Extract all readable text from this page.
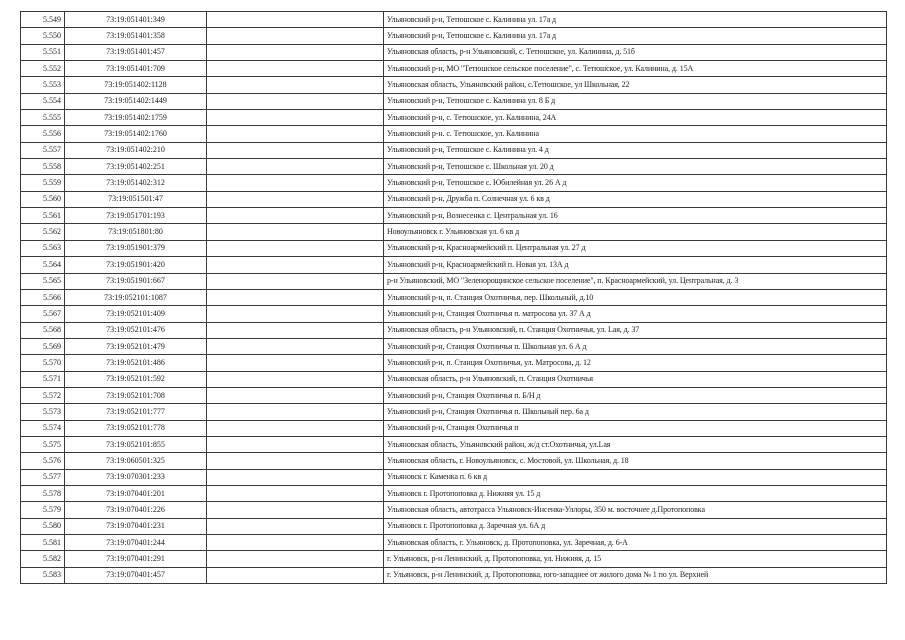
5.549	73:19:051401:349		Ульяновский р-н, Тетюшское с. Калинина ул. 17а д
5.550	73:19:051401:358		Ульяновский р-н, Тетюшское с. Калинина ул. 17а д
5.551	73:19:051401:457		Ульяновская область, р-н Ульяновский, с. Тетюшское, ул. Калинина, д. 51б
5.552	73:19:051401:709		Ульяновский р-н, МО "Тетюшское сельское поселение", с. Тетюшское, ул. Калинина, д. 15А
5.553	73:19:051402:1128		Ульяновская область, Ульяновский район, с.Тетюшское, ул Школьная, 22
5.554	73:19:051402:1449		Ульяновский р-н, Тетюшское с. Калинина ул. 8 Б д
5.555	73:19:051402:1759		Ульяновский р-н, с. Тетюшское, ул. Калинина, 24А
5.556	73:19:051402:1760		Ульяновский р-н. с. Тетюшское, ул. Калинина
5.557	73:19:051402:210		Ульяновский р-н, Тетюшское с. Калинина ул. 4 д
5.558	73:19:051402:251		Ульяновский р-н, Тетюшское с. Школьная ул. 20 д
5.559	73:19:051402:312		Ульяновский р-н, Тетюшское с. Юбилейная ул. 26 А д
5.560	73:19:051501:47		Ульяновский р-н, Дружба п. Солнечная ул. 6 кв д
5.561	73:19:051701:193		Ульяновский р-н, Вознесенка с. Центральная ул. 16
5.562	73:19:051801:80		Новоульяновск г. Ульяновская ул. 6 кв д
5.563	73:19:051901:379		Ульяновский р-н, Красноармейский п. Центральная ул. 27 д
5.564	73:19:051901:420		Ульяновский р-н, Красноармейский п. Новая ул. 13А д
5.565	73:19:051901:667		р-н Ульяновский, МО "Зеленорощинское сельское поселение", п. Красноармейский, ул. Центральная, д. 3
5.566	73:19:052101:1087		Ульяновский р-н, п. Станция Охотничья, пер. Школьный, д.10
5.567	73:19:052101:409		Ульяновский р-н, Станция Охотничья п. матросова ул. 37 А д
5.568	73:19:052101:476		Ульяновская область, р-н Ульяновский, п. Станция Охотничья, ул. Lая, д. 37
5.569	73:19:052101:479		Ульяновский р-н, Станция Охотничья п. Школьная ул. 6 А д
5.570	73:19:052101:486		Ульяновский р-н, п. Станция Охотничья, ул. Матросова, д. 12
5.571	73:19:052101:592		Ульяновская область, р-н Ульяновский, п. Станция Охотничья
5.572	73:19:052101:708		Ульяновский р-н, Станция Охотничья п. Б/Н д
5.573	73:19:052101:777		Ульяновский р-н, Станция Охотничья п. Школьный пер. 6а д
5.574	73:19:052101:778		Ульяновский р-н, Станция Охотничья п
5.575	73:19:052101:855		Ульяновская область, Ульяновский район, ж/д ст.Охотничья, ул.Lая
5.576	73:19:060501:325		Ульяновская область, г. Новоульяновск, с. Мостовой, ул. Школьная, д. 18
5.577	73:19:070301:233		Ульяновск г. Каменка п. 6 кв д
5.578	73:19:070401:201		Ульяновск г. Протопоповка д. Нижняя ул. 15 д
5.579	73:19:070401:226		Ульяновская область, автотрасса Ульяновск-Инсенка-Уллоры, 350 м. восточнее д.Протопоповка
5.580	73:19:070401:231		Ульяновск г. Протопоповка д. Заречная ул. 6А д
5.581	73:19:070401:244		Ульяновская область, г. Ульяновск, д. Протопоповка, ул. Заречная, д. 6-А
5.582	73:19:070401:291		г. Ульяновск, р-н Ленинский, д. Протопоповка, ул. Нижняя, д. 15
5.583	73:19:070401:457		г. Ульяновск, р-н Ленинский, д. Протопоповка, юго-западнее от жилого дома № 1 по ул. Верхней
